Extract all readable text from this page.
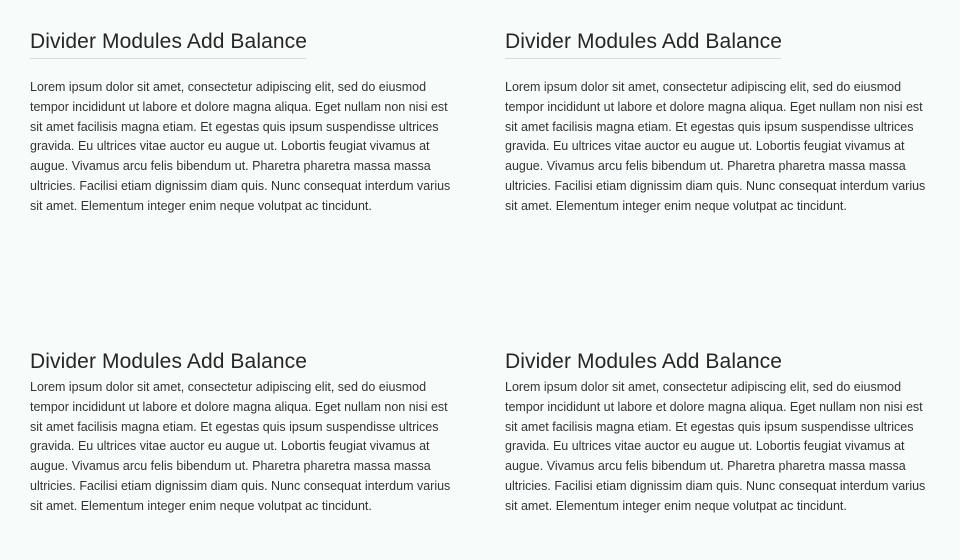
Divider Modules Add Balance

Lorem ipsum dolor sit amet, consectetur adipiscing elit, sed do eiusmod tempor incididunt ut labore et dolore magna aliqua. Eget nullam non nisi est sit amet facilisis magna etiam. Et egestas quis ipsum suspendisse ultrices gravida. Eu ultrices vitae auctor eu augue ut. Lobortis feugiat vivamus at augue. Vivamus arcu felis bibendum ut. Pharetra pharetra massa massa ultricies. Facilisi etiam dignissim diam quis. Nunc consequat interdum varius sit amet. Elementum integer enim neque volutpat ac tincidunt.

Divider Modules Add Balance

Lorem ipsum dolor sit amet, consectetur adipiscing elit, sed do eiusmod tempor incididunt ut labore et dolore magna aliqua. Eget nullam non nisi est sit amet facilisis magna etiam. Et egestas quis ipsum suspendisse ultrices gravida. Eu ultrices vitae auctor eu augue ut. Lobortis feugiat vivamus at augue. Vivamus arcu felis bibendum ut. Pharetra pharetra massa massa ultricies. Facilisi etiam dignissim diam quis. Nunc consequat interdum varius sit amet. Elementum integer enim neque volutpat ac tincidunt.

Divider Modules Add Balance

Lorem ipsum dolor sit amet, consectetur adipiscing elit, sed do eiusmod tempor incididunt ut labore et dolore magna aliqua. Eget nullam non nisi est sit amet facilisis magna etiam. Et egestas quis ipsum suspendisse ultrices gravida. Eu ultrices vitae auctor eu augue ut. Lobortis feugiat vivamus at augue. Vivamus arcu felis bibendum ut. Pharetra pharetra massa massa ultricies. Facilisi etiam dignissim diam quis. Nunc consequat interdum varius sit amet. Elementum integer enim neque volutpat ac tincidunt.

Divider Modules Add Balance

Lorem ipsum dolor sit amet, consectetur adipiscing elit, sed do eiusmod tempor incididunt ut labore et dolore magna aliqua. Eget nullam non nisi est sit amet facilisis magna etiam. Et egestas quis ipsum suspendisse ultrices gravida. Eu ultrices vitae auctor eu augue ut. Lobortis feugiat vivamus at augue. Vivamus arcu felis bibendum ut. Pharetra pharetra massa massa ultricies. Facilisi etiam dignissim diam quis. Nunc consequat interdum varius sit amet. Elementum integer enim neque volutpat ac tincidunt.
